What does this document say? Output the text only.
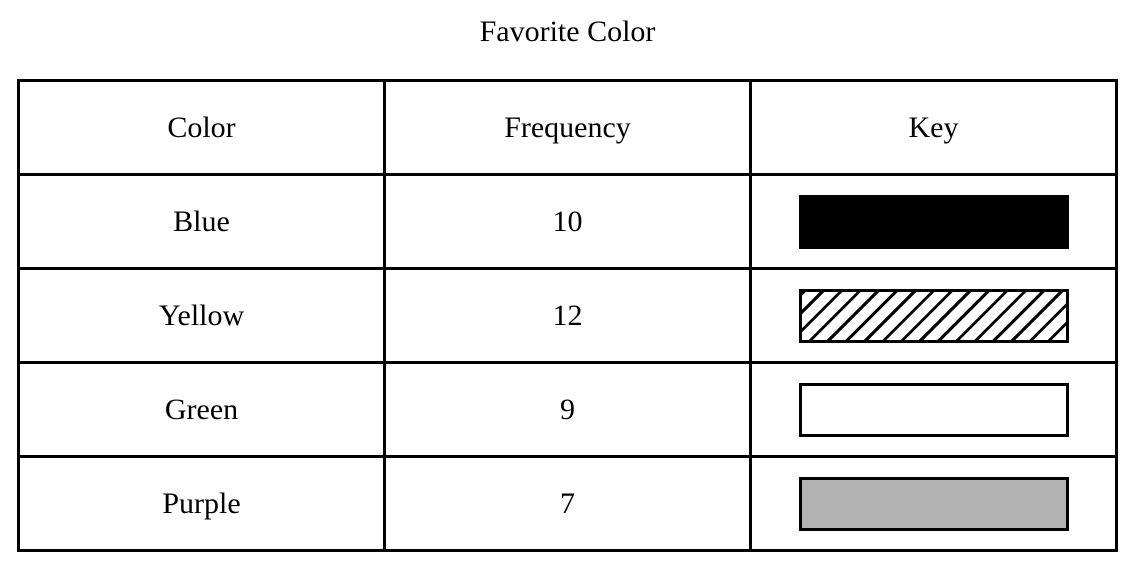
Favorite Color
Color	Frequency	Key
Blue	10	
Yellow	12	
Green	9	
Purple	7	
